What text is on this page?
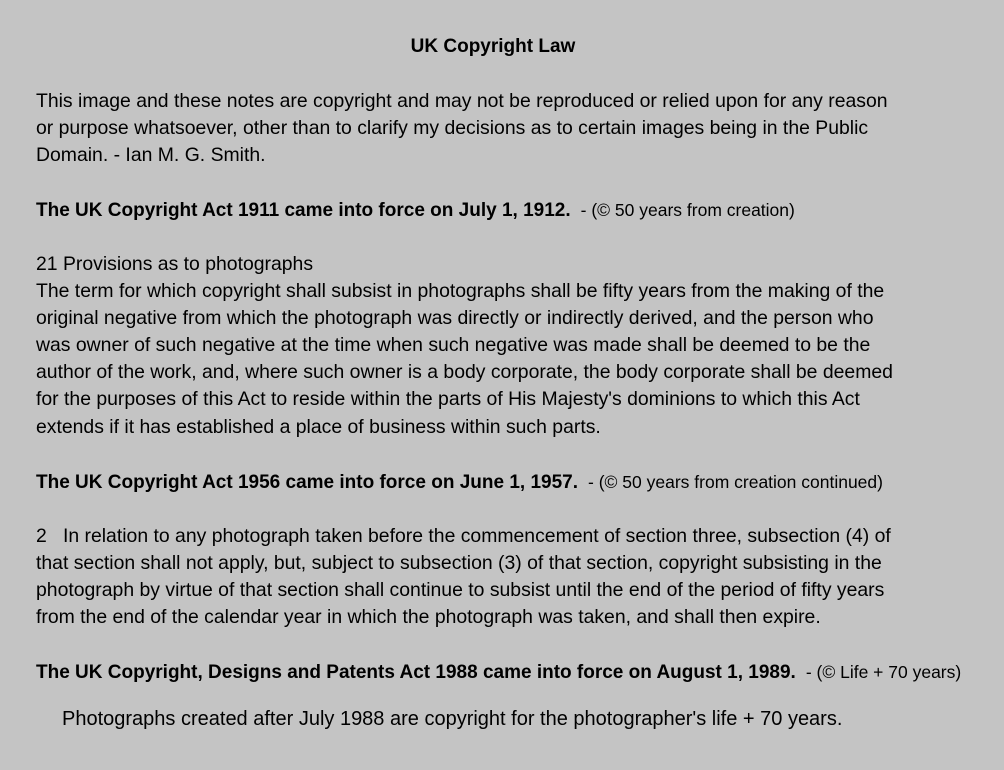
UK Copyright Law

This image and these notes are copyright and may not be reproduced or relied upon for any reason
or purpose whatsoever, other than to clarify my decisions as to certain images being in the Public
Domain. - Ian M. G. Smith.

The UK Copyright Act 1911 came into force on July 1, 1912. - (© 50 years from creation)

21 Provisions as to photographs
The term for which copyright shall subsist in photographs shall be fifty years from the making of the
original negative from which the photograph was directly or indirectly derived, and the person who
was owner of such negative at the time when such negative was made shall be deemed to be the
author of the work, and, where such owner is a body corporate, the body corporate shall be deemed
for the purposes of this Act to reside within the parts of His Majesty's dominions to which this Act
extends if it has established a place of business within such parts.

The UK Copyright Act 1956 came into force on June 1, 1957. - (© 50 years from creation continued)

2   In relation to any photograph taken before the commencement of section three, subsection (4) of
that section shall not apply, but, subject to subsection (3) of that section, copyright subsisting in the
photograph by virtue of that section shall continue to subsist until the end of the period of fifty years
from the end of the calendar year in which the photograph was taken, and shall then expire.

The UK Copyright, Designs and Patents Act 1988 came into force on August 1, 1989. - (© Life + 70 years)
Photographs created after July 1988 are copyright for the photographer's life + 70 years.
